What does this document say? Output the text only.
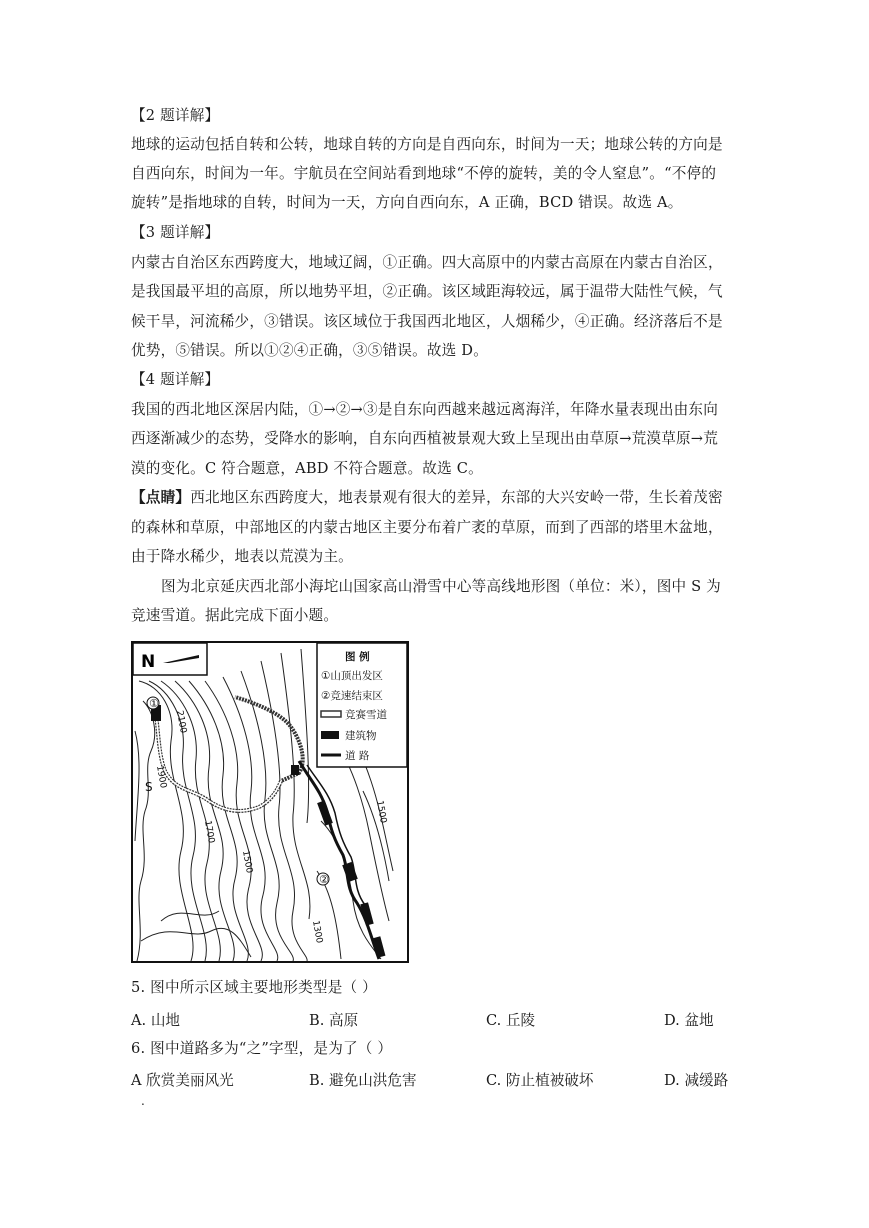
【2 题详解】
地球的运动包括自转和公转，地球自转的方向是自西向东，时间为一天；地球公转的方向是
自西向东，时间为一年。宇航员在空间站看到地球“不停的旋转，美的令人窒息”。“不停的
旋转”是指地球的自转，时间为一天，方向自西向东，A 正确，BCD 错误。故选 A。
【3 题详解】
内蒙古自治区东西跨度大，地域辽阔，①正确。四大高原中的内蒙古高原在内蒙古自治区，
是我国最平坦的高原，所以地势平坦，②正确。该区域距海较远，属于温带大陆性气候，气
候干旱，河流稀少，③错误。该区域位于我国西北地区，人烟稀少，④正确。经济落后不是
优势，⑤错误。所以①②④正确，③⑤错误。故选 D。
【4 题详解】
我国的西北地区深居内陆，①→②→③是自东向西越来越远离海洋，年降水量表现出由东向
西逐渐减少的态势，受降水的影响，自东向西植被景观大致上呈现出由草原→荒漠草原→荒
漠的变化。C 符合题意，ABD 不符合题意。故选 C。
【点睛】西北地区东西跨度大，地表景观有很大的差异，东部的大兴安岭一带，生长着茂密
的森林和草原，中部地区的内蒙古地区主要分布着广袤的草原，而到了西部的塔里木盆地，
由于降水稀少，地表以荒漠为主。
图为北京延庆西北部小海坨山国家高山滑雪中心等高线地形图（单位：米），图中 S 为
竞速雪道。据此完成下面小题。
N
①
②
S
2100
1900
1700
1500
1500
1300
图 例
①山顶出发区
②竞速结束区
竞赛雪道
建筑物
道 路
5. 图中所示区域主要地形类型是（ ）
A. 山地	B. 高原	C. 丘陵	D. 盆地
6. 图中道路多为“之”字型，是为了（ ）
A 欣赏美丽风光	B. 避免山洪危害	C. 防止植被破坏	D. 减缓路
.
